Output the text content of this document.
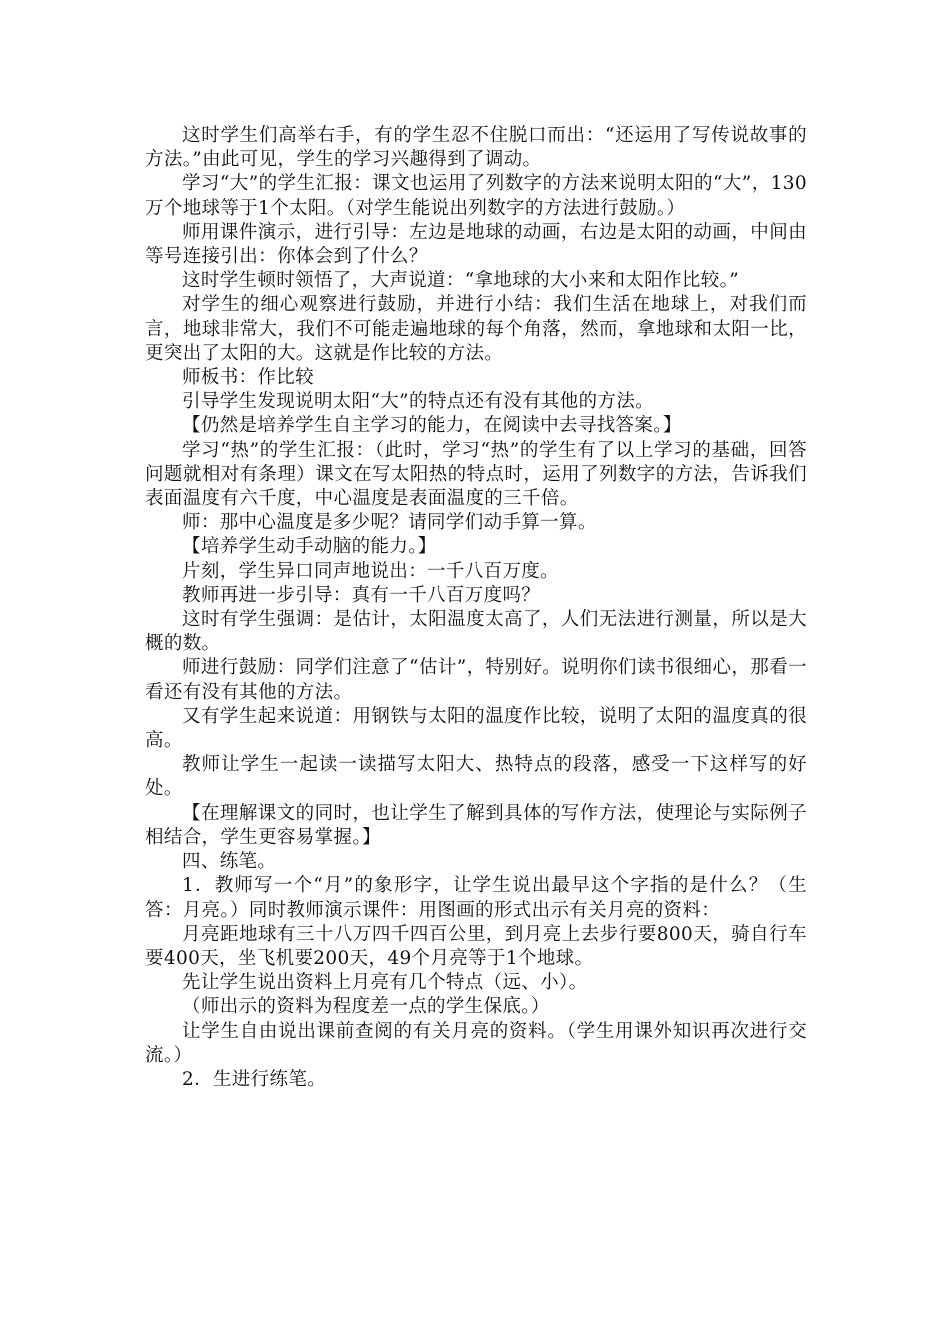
这时学生们高举右手，有的学生忍不住脱口而出：“还运用了写传说故事的方法。”由此可见，学生的学习兴趣得到了调动。

学习“大”的学生汇报：课文也运用了列数字的方法来说明太阳的“大”，130万个地球等于1个太阳。（对学生能说出列数字的方法进行鼓励。）

师用课件演示，进行引导：左边是地球的动画，右边是太阳的动画，中间由等号连接引出：你体会到了什么？

这时学生顿时领悟了，大声说道：“拿地球的大小来和太阳作比较。”

对学生的细心观察进行鼓励，并进行小结：我们生活在地球上，对我们而言，地球非常大，我们不可能走遍地球的每个角落，然而，拿地球和太阳一比，更突出了太阳的大。这就是作比较的方法。

师板书：作比较

引导学生发现说明太阳“大”的特点还有没有其他的方法。

【仍然是培养学生自主学习的能力，在阅读中去寻找答案。】

学习“热”的学生汇报：（此时，学习“热”的学生有了以上学习的基础，回答问题就相对有条理）课文在写太阳热的特点时，运用了列数字的方法，告诉我们表面温度有六千度，中心温度是表面温度的三千倍。

师：那中心温度是多少呢？请同学们动手算一算。

【培养学生动手动脑的能力。】

片刻，学生异口同声地说出：一千八百万度。

教师再进一步引导：真有一千八百万度吗？

这时有学生强调：是估计，太阳温度太高了，人们无法进行测量，所以是大概的数。

师进行鼓励：同学们注意了“估计”，特别好。说明你们读书很细心，那看一看还有没有其他的方法。

又有学生起来说道：用钢铁与太阳的温度作比较，说明了太阳的温度真的很高。

教师让学生一起读一读描写太阳大、热特点的段落，感受一下这样写的好处。

【在理解课文的同时，也让学生了解到具体的写作方法，使理论与实际例子相结合，学生更容易掌握。】

四、练笔。

1．教师写一个“月”的象形字，让学生说出最早这个字指的是什么？（生答：月亮。）同时教师演示课件：用图画的形式出示有关月亮的资料：

月亮距地球有三十八万四千四百公里，到月亮上去步行要800天，骑自行车要400天，坐飞机要200天，49个月亮等于1个地球。

先让学生说出资料上月亮有几个特点（远、小）。

（师出示的资料为程度差一点的学生保底。）

让学生自由说出课前查阅的有关月亮的资料。（学生用课外知识再次进行交流。）

2．生进行练笔。
